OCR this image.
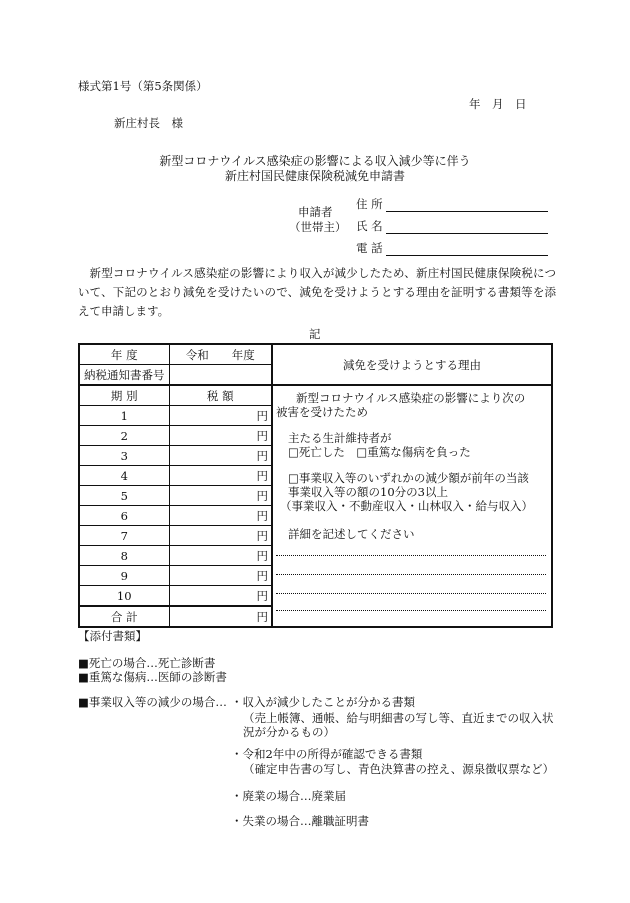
様式第1号（第5条関係）
年　月　日
新庄村長　様
新型コロナウイルス感染症の影響による収入減少等に伴う
新庄村国民健康保険税減免申請書
申請者
（世帯主）
住 所
氏 名
電 話
新型コロナウイルス感染症の影響により収入が減少したため、新庄村国民健康保険税について、下記のとおり減免を受けたいので、減免を受けようとする理由を証明する書類等を添えて申請します。
記
年 度	令和　　年度	減免を受けようとする理由
納税通知書番号		
期 別	税 額	
1	円	
2	円	
3	円	
4	円	
5	円	
6	円	
7	円	
8	円	
9	円	
10	円	
合 計	円	
新型コロナウイルス感染症の影響により次の
被害を受けたため
主たる生計維持者が
□死亡した　□重篤な傷病を負った
□事業収入等のいずれかの減少額が前年の当該
事業収入等の額の10分の3以上
（事業収入・不動産収入・山林収入・給与収入）
詳細を記述してください
【添付書類】
■死亡の場合…死亡診断書
■重篤な傷病…医師の診断書
■事業収入等の減少の場合… ・収入が減少したことが分かる書類
（売上帳簿、通帳、給与明細書の写し等、直近までの収入状
況が分かるもの）
・令和2年中の所得が確認できる書類
（確定申告書の写し、青色決算書の控え、源泉徴収票など）
・廃業の場合…廃業届
・失業の場合…離職証明書
